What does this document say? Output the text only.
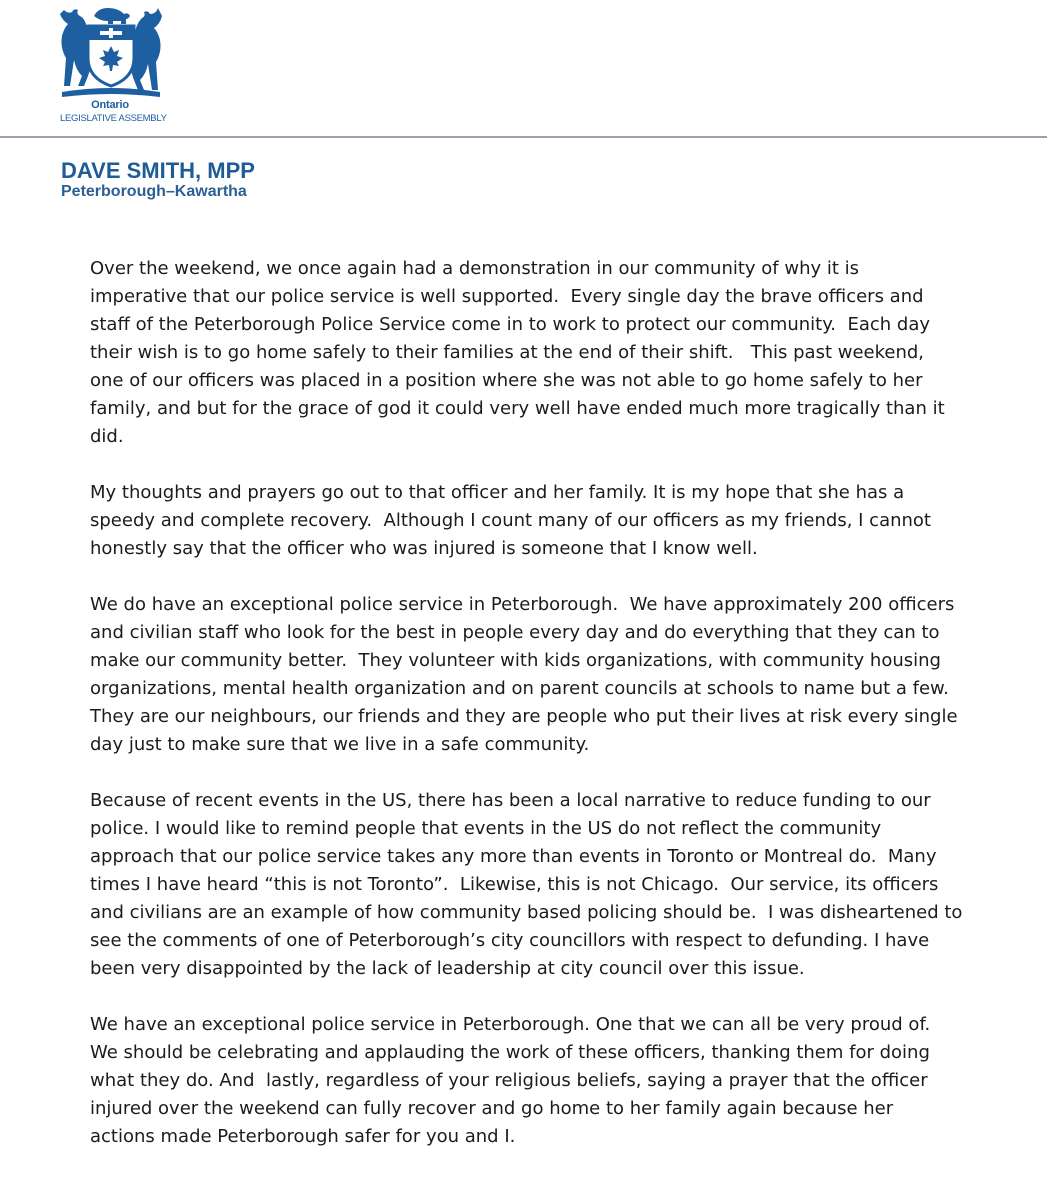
Ontario
LEGISLATIVE ASSEMBLY
DAVE SMITH, MPP
Peterborough–Kawartha
Over the weekend, we once again had a demonstration in our community of why it is
imperative that our police service is well supported.  Every single day the brave officers and
staff of the Peterborough Police Service come in to work to protect our community.  Each day
their wish is to go home safely to their families at the end of their shift.   This past weekend,
one of our officers was placed in a position where she was not able to go home safely to her
family, and but for the grace of god it could very well have ended much more tragically than it
did.
My thoughts and prayers go out to that officer and her family. It is my hope that she has a
speedy and complete recovery.  Although I count many of our officers as my friends, I cannot
honestly say that the officer who was injured is someone that I know well.
We do have an exceptional police service in Peterborough.  We have approximately 200 officers
and civilian staff who look for the best in people every day and do everything that they can to
make our community better.  They volunteer with kids organizations, with community housing
organizations, mental health organization and on parent councils at schools to name but a few.
They are our neighbours, our friends and they are people who put their lives at risk every single
day just to make sure that we live in a safe community.
Because of recent events in the US, there has been a local narrative to reduce funding to our
police. I would like to remind people that events in the US do not reflect the community
approach that our police service takes any more than events in Toronto or Montreal do.  Many
times I have heard “this is not Toronto”.  Likewise, this is not Chicago.  Our service, its officers
and civilians are an example of how community based policing should be.  I was disheartened to
see the comments of one of Peterborough’s city councillors with respect to defunding. I have
been very disappointed by the lack of leadership at city council over this issue.
We have an exceptional police service in Peterborough. One that we can all be very proud of.
We should be celebrating and applauding the work of these officers, thanking them for doing
what they do. And  lastly, regardless of your religious beliefs, saying a prayer that the officer
injured over the weekend can fully recover and go home to her family again because her
actions made Peterborough safer for you and I.
